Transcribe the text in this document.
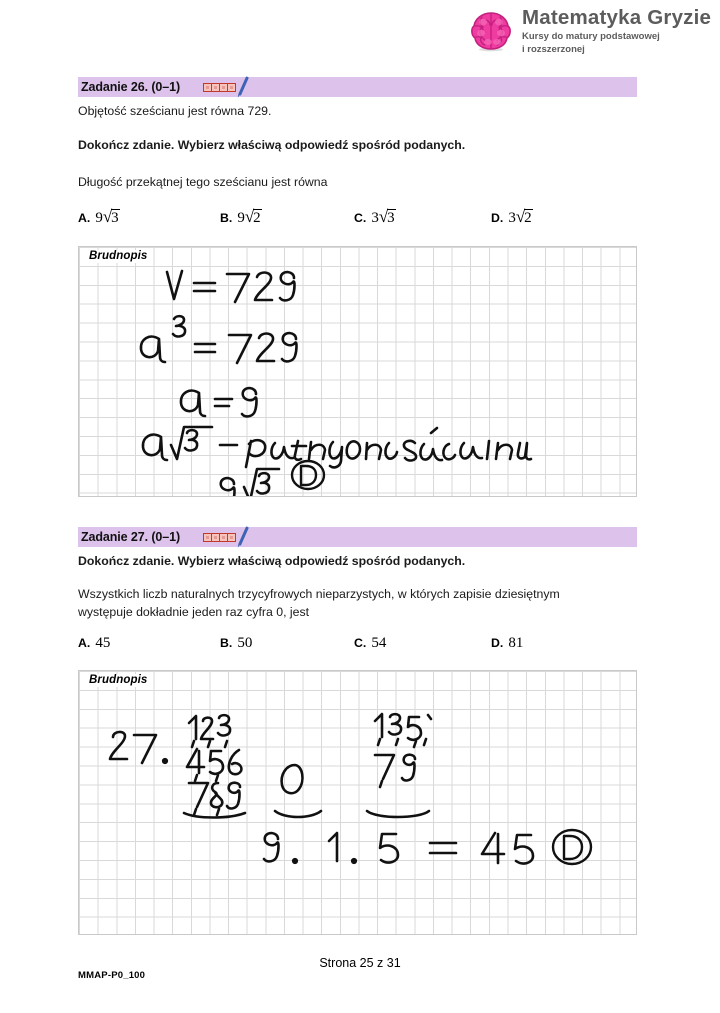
Matematyka Gryzie
Kursy do matury podstawowej
i rozszerzonej
Zadanie 26. (0–1)
Objętość sześcianu jest równa 729.
Dokończ zdanie. Wybierz właściwą odpowiedź spośród podanych.
Długość przekątnej tego sześcianu jest równa
A. 9√3	B. 9√2	C. 3√3	D. 3√2
Brudnopis
Zadanie 27. (0–1)
Dokończ zdanie. Wybierz właściwą odpowiedź spośród podanych.
Wszystkich liczb naturalnych trzycyfrowych nieparzystych, w których zapisie dziesiętnym
występuje dokładnie jeden raz cyfra 0, jest
A. 45	B. 50	C. 54	D. 81
Brudnopis
Strona 25 z 31
MMAP-P0_100
